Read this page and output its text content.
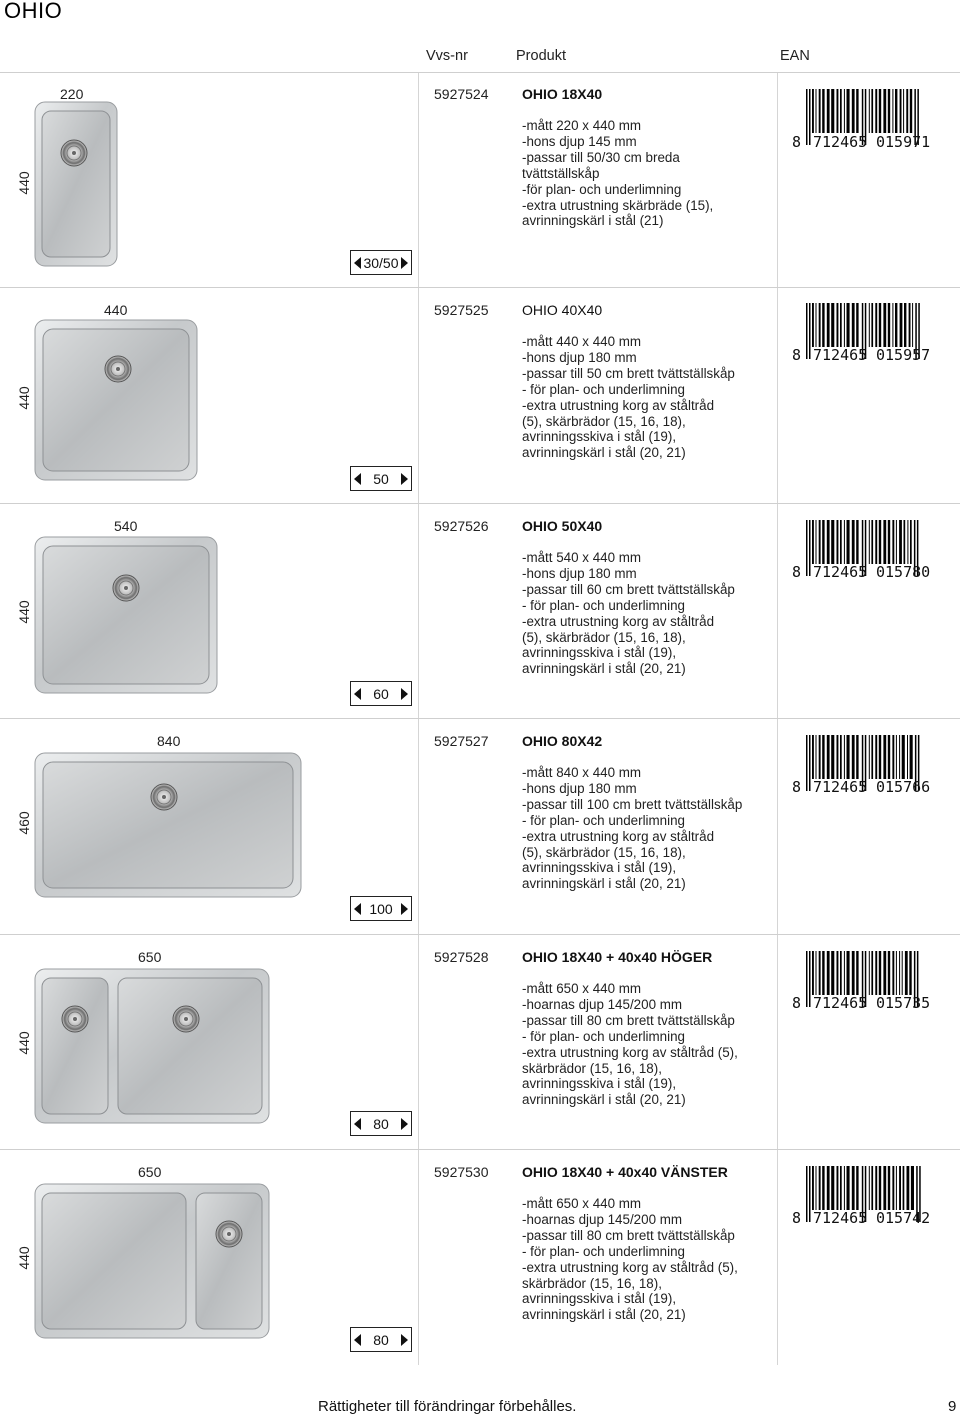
OHIO
Vvs-nr	Produkt	EAN
220
440
30/50
5927524 OHIO 18X40
-mått 220 x 440 mm
-hons djup 145 mm
-passar till 50/30 cm breda
tvättställskåp
-för plan- och underlimning
-extra utrustning skärbräde (15),
avrinningskärl i stål (21)
8 712465 015971
440
440
50
5927525 OHIO 40X40
-mått 440 x 440 mm
-hons djup 180 mm
-passar till 50 cm brett tvättställskåp
- för plan- och underlimning
-extra utrustning korg av ståltråd
(5), skärbrädor (15, 16, 18),
avrinningsskiva i stål (19),
avrinningskärl i stål (20, 21)
8 712465 015957
540
440
60
5927526 OHIO 50X40
-mått 540 x 440 mm
-hons djup 180 mm
-passar till 60 cm brett tvättställskåp
- för plan- och underlimning
-extra utrustning korg av ståltråd
(5), skärbrädor (15, 16, 18),
avrinningsskiva i stål (19),
avrinningskärl i stål (20, 21)
8 712465 015780
840
460
100
5927527 OHIO 80X42
-mått 840 x 440 mm
-hons djup 180 mm
-passar till 100 cm brett tvättställskåp
- för plan- och underlimning
-extra utrustning korg av ståltråd
(5), skärbrädor (15, 16, 18),
avrinningsskiva i stål (19),
avrinningskärl i stål (20, 21)
8 712465 015766
650
440
80
5927528 OHIO 18X40 + 40x40 HÖGER
-mått 650 x 440 mm
-hoarnas djup 145/200 mm
-passar till 80 cm brett tvättställskåp
- för plan- och underlimning
-extra utrustning korg av ståltråd (5),
skärbrädor (15, 16, 18),
avrinningsskiva i stål (19),
avrinningskärl i stål (20, 21)
8 712465 015735
650
440
80
5927530 OHIO 18X40 + 40x40 VÄNSTER
-mått 650 x 440 mm
-hoarnas djup 145/200 mm
-passar till 80 cm brett tvättställskåp
- för plan- och underlimning
-extra utrustning korg av ståltråd (5),
skärbrädor (15, 16, 18),
avrinningsskiva i stål (19),
avrinningskärl i stål (20, 21)
8 712465 015742
Rättigheter till förändringar förbehålles.	9
